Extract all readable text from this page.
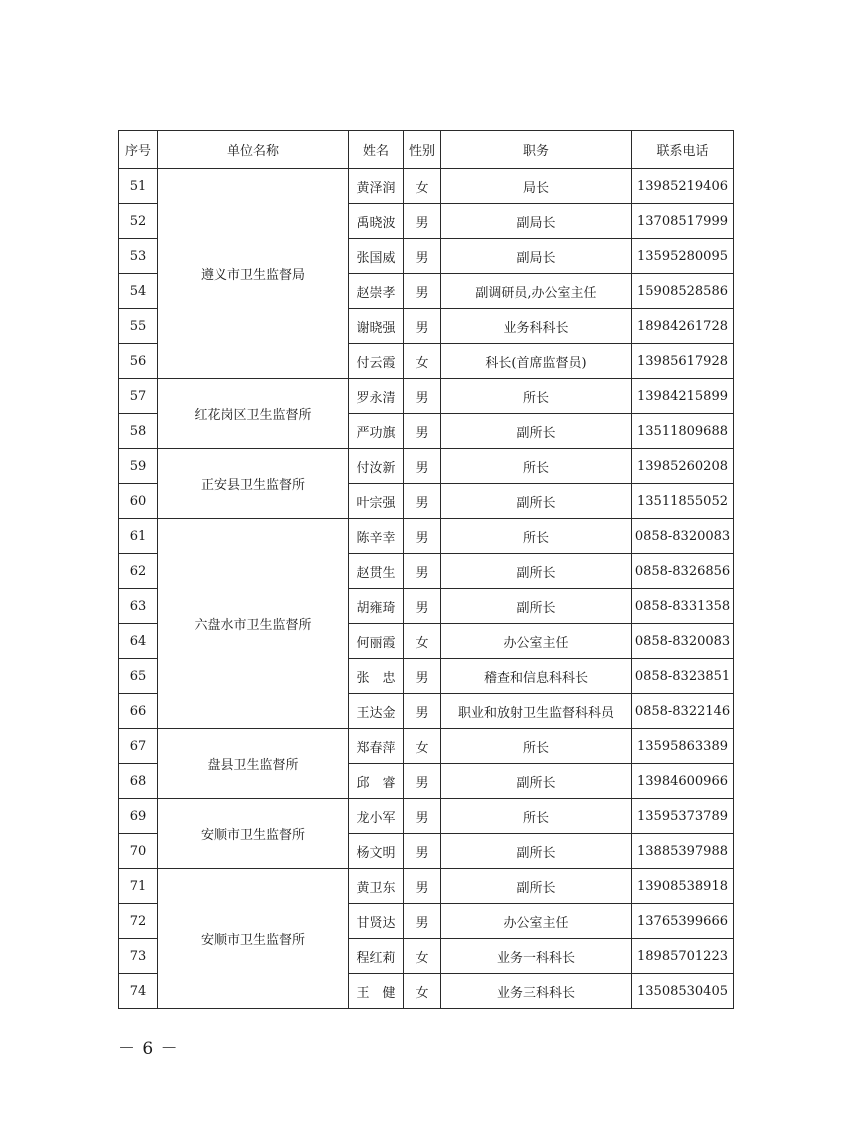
序号	单位名称	姓名	性别	职务	联系电话
51	遵义市卫生监督局	黄泽润	女	局长	13985219406
52		禹晓波	男	副局长	13708517999
53		张国威	男	副局长	13595280095
54		赵崇孝	男	副调研员,办公室主任	15908528586
55		谢晓强	男	业务科科长	18984261728
56		付云霞	女	科长(首席监督员)	13985617928
57	红花岗区卫生监督所	罗永清	男	所长	13984215899
58		严功旗	男	副所长	13511809688
59	正安县卫生监督所	付汝新	男	所长	13985260208
60		叶宗强	男	副所长	13511855052
61	六盘水市卫生监督所	陈辛幸	男	所长	0858-8320083
62		赵贯生	男	副所长	0858-8326856
63		胡雍琦	男	副所长	0858-8331358
64		何丽霞	女	办公室主任	0858-8320083
65		张　忠	男	稽查和信息科科长	0858-8323851
66		王达金	男	职业和放射卫生监督科科员	0858-8322146
67	盘县卫生监督所	郑春萍	女	所长	13595863389
68		邱　睿	男	副所长	13984600966
69	安顺市卫生监督所	龙小军	男	所长	13595373789
70		杨文明	男	副所长	13885397988
71	安顺市卫生监督所	黄卫东	男	副所长	13908538918
72		甘贤达	男	办公室主任	13765399666
73		程红莉	女	业务一科科长	18985701223
74		王　健	女	业务三科科长	13508530405
－ 6 －
